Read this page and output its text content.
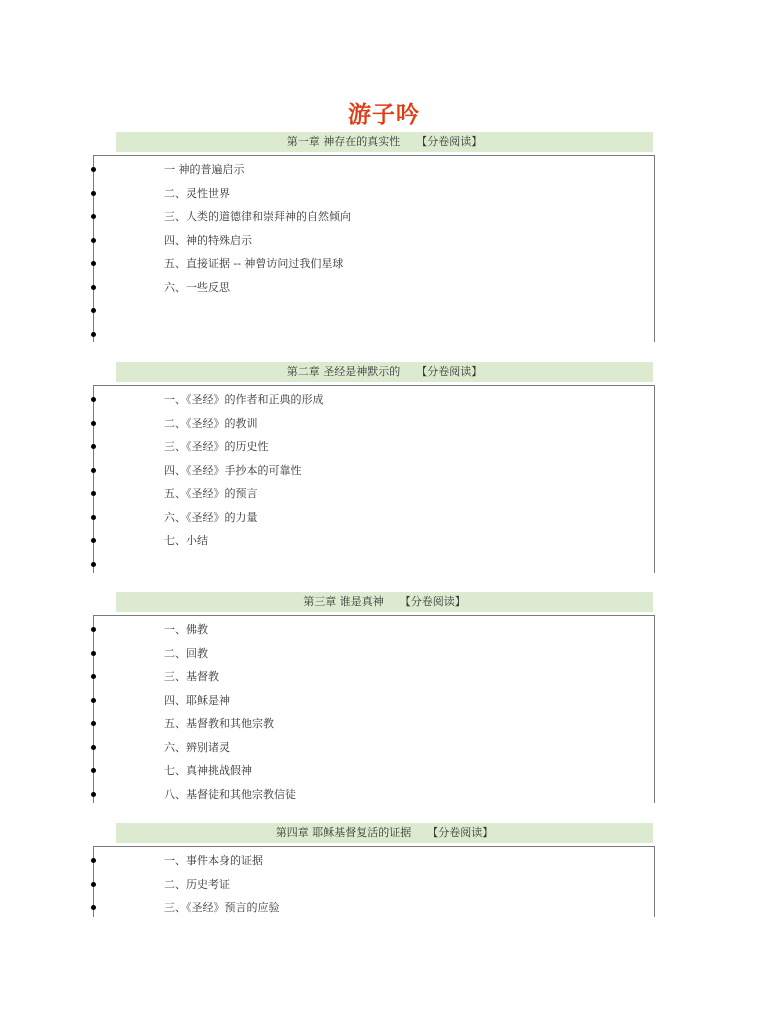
游子吟
第一章 神存在的真实性 【分卷阅读】
一 神的普遍启示
二、灵性世界
三、人类的道德律和崇拜神的自然倾向
四、神的特殊启示
五、直接证据 -- 神曾访问过我们星球
六、一些反思
第二章 圣经是神默示的 【分卷阅读】
一、《圣经》的作者和正典的形成
二、《圣经》的教训
三、《圣经》的历史性
四、《圣经》手抄本的可靠性
五、《圣经》的预言
六、《圣经》的力量
七、小结
第三章 谁是真神 【分卷阅读】
一、佛教
二、回教
三、基督教
四、耶稣是神
五、基督教和其他宗教
六、辨别诸灵
七、真神挑战假神
八、基督徒和其他宗教信徒
第四章 耶稣基督复活的证据 【分卷阅读】
一、事件本身的证据
二、历史考证
三、《圣经》预言的应验
